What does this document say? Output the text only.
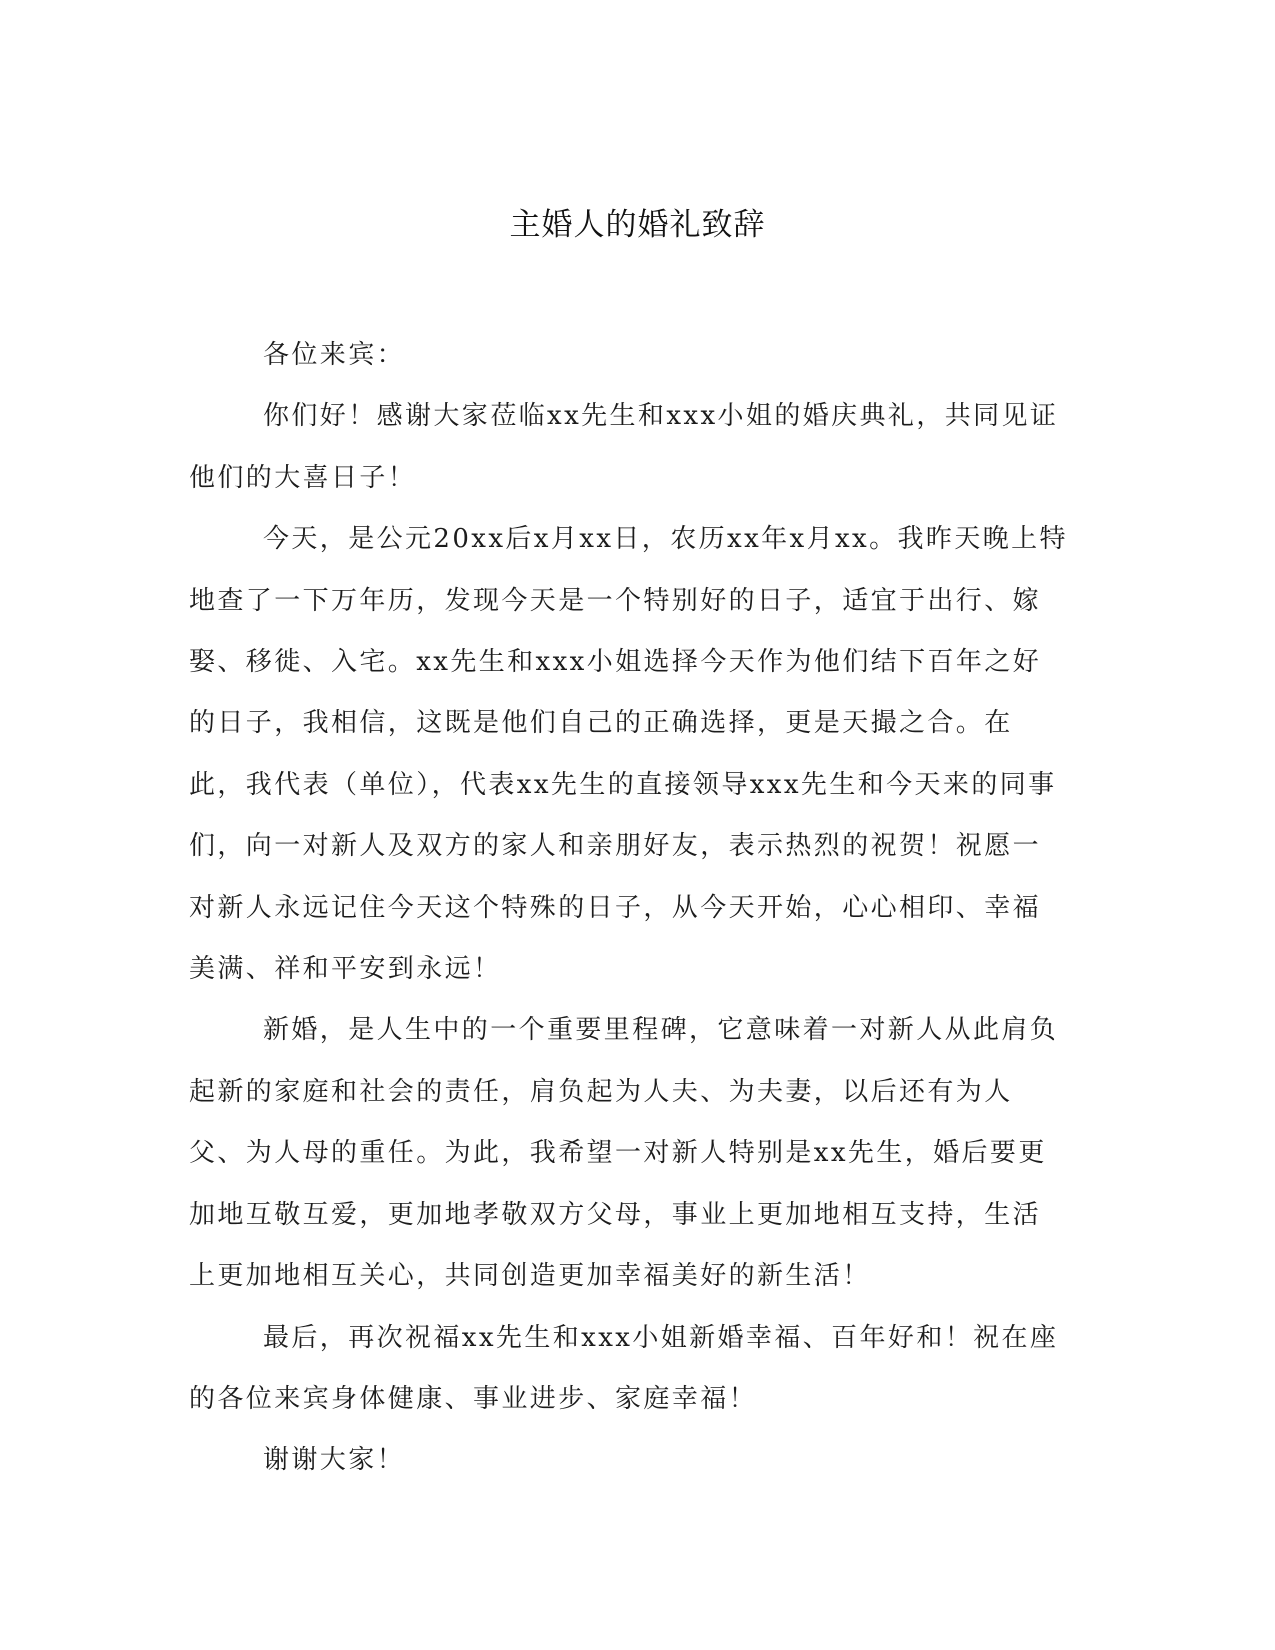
主婚人的婚礼致辞

各位来宾：

你们好！感谢大家莅临xx先生和xxx小姐的婚庆典礼，共同见证他们的大喜日子！

今天，是公元20xx后x月xx日，农历xx年x月xx。我昨天晚上特地查了一下万年历，发现今天是一个特别好的日子，适宜于出行、嫁娶、移徙、入宅。xx先生和xxx小姐选择今天作为他们结下百年之好的日子，我相信，这既是他们自己的正确选择，更是天撮之合。在此，我代表（单位），代表xx先生的直接领导xxx先生和今天来的同事们，向一对新人及双方的家人和亲朋好友，表示热烈的祝贺！祝愿一对新人永远记住今天这个特殊的日子，从今天开始，心心相印、幸福美满、祥和平安到永远！

新婚，是人生中的一个重要里程碑，它意味着一对新人从此肩负起新的家庭和社会的责任，肩负起为人夫、为夫妻，以后还有为人父、为人母的重任。为此，我希望一对新人特别是xx先生，婚后要更加地互敬互爱，更加地孝敬双方父母，事业上更加地相互支持，生活上更加地相互关心，共同创造更加幸福美好的新生活！

最后，再次祝福xx先生和xxx小姐新婚幸福、百年好和！祝在座的各位来宾身体健康、事业进步、家庭幸福！

谢谢大家！
